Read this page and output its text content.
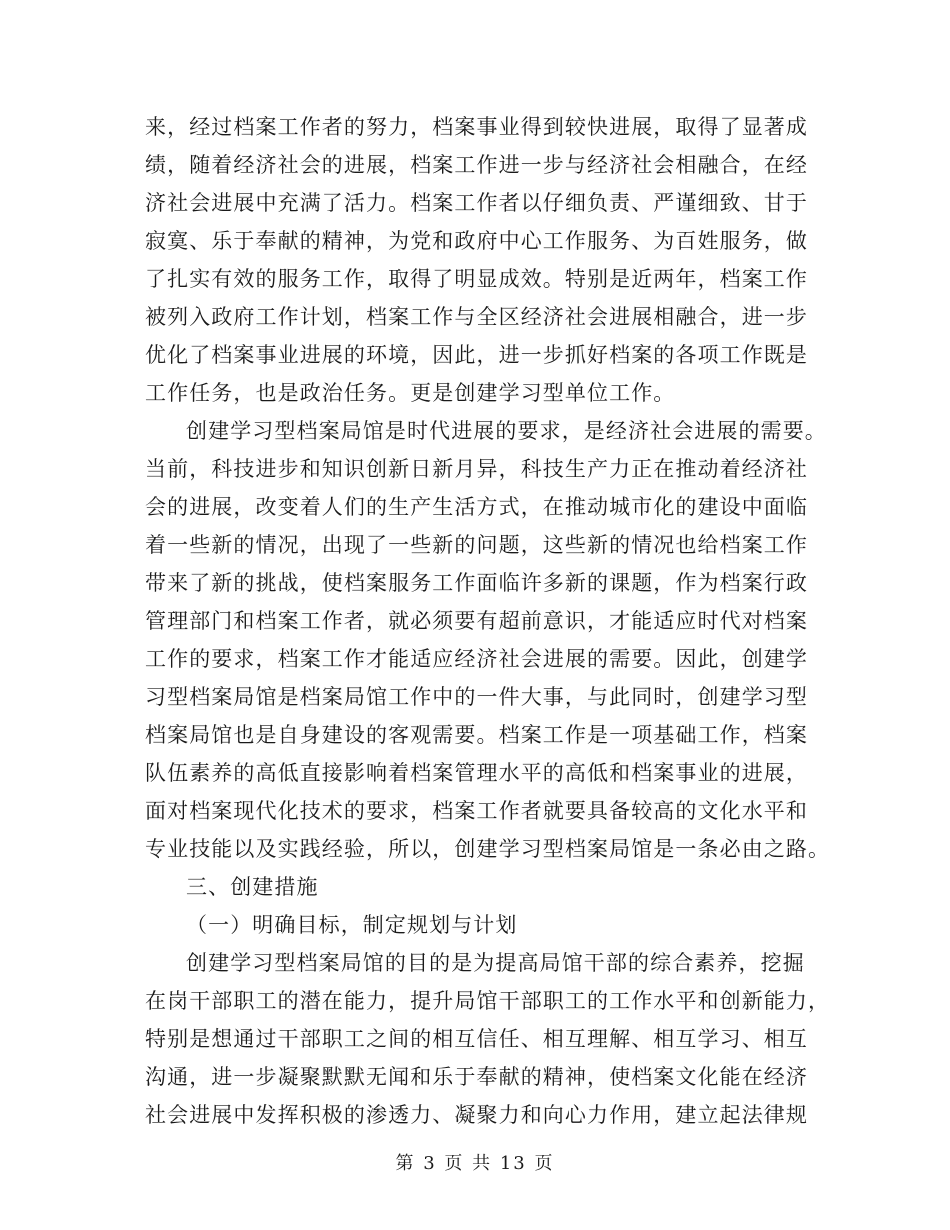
来，经过档案工作者的努力，档案事业得到较快进展，取得了显著成
绩，随着经济社会的进展，档案工作进一步与经济社会相融合，在经
济社会进展中充满了活力。档案工作者以仔细负责、严谨细致、甘于
寂寞、乐于奉献的精神，为党和政府中心工作服务、为百姓服务，做
了扎实有效的服务工作，取得了明显成效。特别是近两年，档案工作
被列入政府工作计划，档案工作与全区经济社会进展相融合，进一步
优化了档案事业进展的环境，因此，进一步抓好档案的各项工作既是
工作任务，也是政治任务。更是创建学习型单位工作。
创建学习型档案局馆是时代进展的要求，是经济社会进展的需要。
当前，科技进步和知识创新日新月异，科技生产力正在推动着经济社
会的进展，改变着人们的生产生活方式，在推动城市化的建设中面临
着一些新的情况，出现了一些新的问题，这些新的情况也给档案工作
带来了新的挑战，使档案服务工作面临许多新的课题，作为档案行政
管理部门和档案工作者，就必须要有超前意识，才能适应时代对档案
工作的要求，档案工作才能适应经济社会进展的需要。因此，创建学
习型档案局馆是档案局馆工作中的一件大事，与此同时，创建学习型
档案局馆也是自身建设的客观需要。档案工作是一项基础工作，档案
队伍素养的高低直接影响着档案管理水平的高低和档案事业的进展，
面对档案现代化技术的要求，档案工作者就要具备较高的文化水平和
专业技能以及实践经验，所以，创建学习型档案局馆是一条必由之路。
三、创建措施
（一）明确目标，制定规划与计划
创建学习型档案局馆的目的是为提高局馆干部的综合素养，挖掘
在岗干部职工的潜在能力，提升局馆干部职工的工作水平和创新能力，
特别是想通过干部职工之间的相互信任、相互理解、相互学习、相互
沟通，进一步凝聚默默无闻和乐于奉献的精神，使档案文化能在经济
社会进展中发挥积极的渗透力、凝聚力和向心力作用，建立起法律规
第 3 页 共 13 页
